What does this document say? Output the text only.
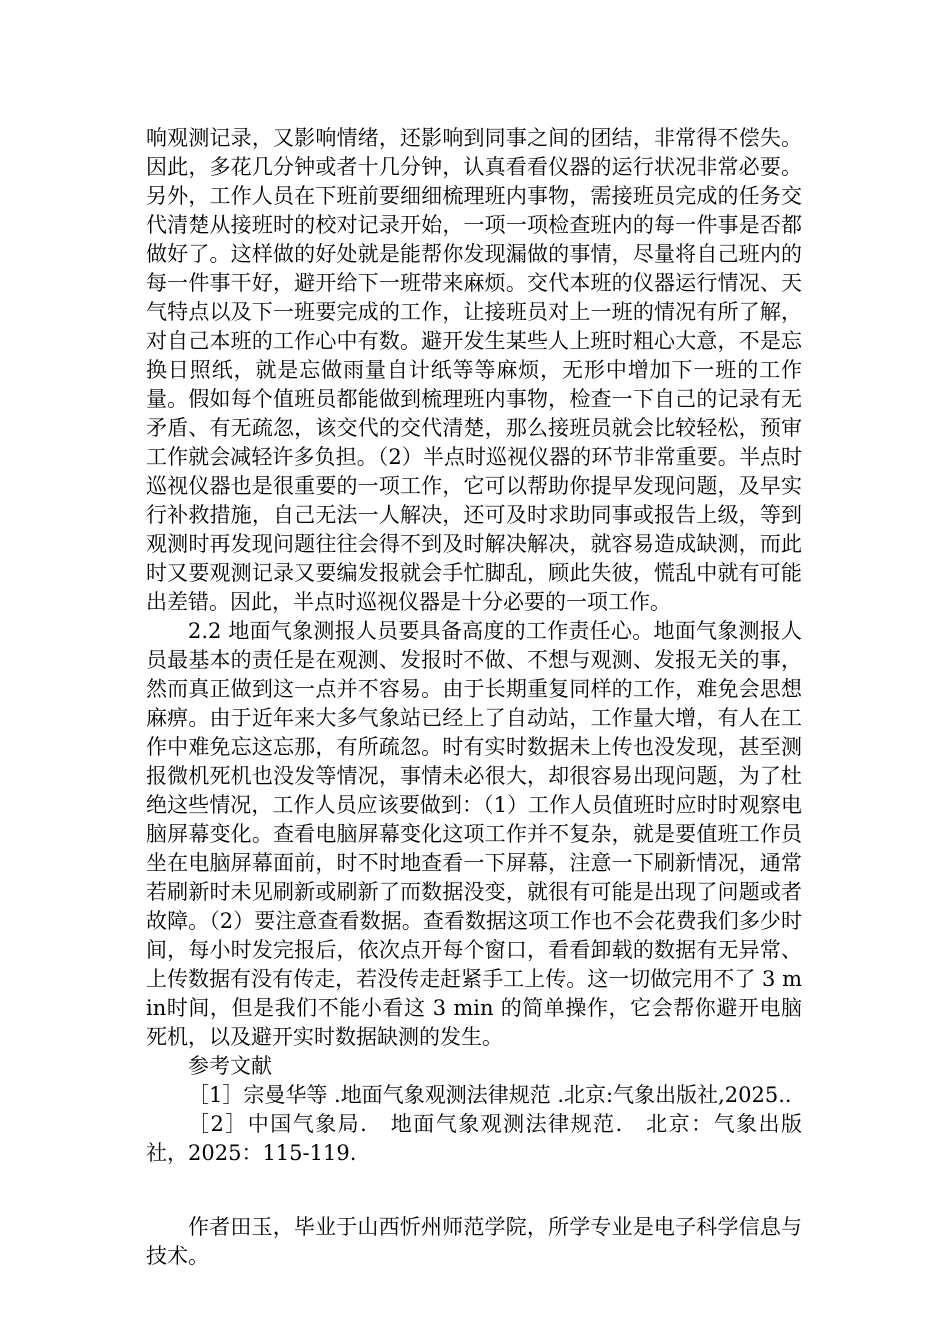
响观测记录，又影响情绪，还影响到同事之间的团结，非常得不偿失。因此，多花几分钟或者十几分钟，认真看看仪器的运行状况非常必要。另外，工作人员在下班前要细细梳理班内事物，需接班员完成的任务交代清楚从接班时的校对记录开始，一项一项检查班内的每一件事是否都做好了。这样做的好处就是能帮你发现漏做的事情，尽量将自己班内的每一件事干好，避开给下一班带来麻烦。交代本班的仪器运行情况、天气特点以及下一班要完成的工作，让接班员对上一班的情况有所了解，对自己本班的工作心中有数。避开发生某些人上班时粗心大意，不是忘换日照纸，就是忘做雨量自计纸等等麻烦，无形中增加下一班的工作量。假如每个值班员都能做到梳理班内事物，检查一下自己的记录有无矛盾、有无疏忽，该交代的交代清楚，那么接班员就会比较轻松，预审工作就会减轻许多负担。（2）半点时巡视仪器的环节非常重要。半点时巡视仪器也是很重要的一项工作，它可以帮助你提早发现问题，及早实行补救措施，自己无法一人解决，还可及时求助同事或报告上级，等到观测时再发现问题往往会得不到及时解决解决，就容易造成缺测，而此时又要观测记录又要编发报就会手忙脚乱，顾此失彼，慌乱中就有可能出差错。因此，半点时巡视仪器是十分必要的一项工作。

2.2 地面气象测报人员要具备高度的工作责任心。地面气象测报人员最基本的责任是在观测、发报时不做、不想与观测、发报无关的事，然而真正做到这一点并不容易。由于长期重复同样的工作，难免会思想麻痹。由于近年来大多气象站已经上了自动站，工作量大增，有人在工作中难免忘这忘那，有所疏忽。时有实时数据未上传也没发现，甚至测报微机死机也没发等情况，事情未必很大，却很容易出现问题，为了杜绝这些情况，工作人员应该要做到：（1）工作人员值班时应时时观察电脑屏幕变化。查看电脑屏幕变化这项工作并不复杂，就是要值班工作员坐在电脑屏幕面前，时不时地查看一下屏幕，注意一下刷新情况，通常若刷新时未见刷新或刷新了而数据没变，就很有可能是出现了问题或者故障。（2）要注意查看数据。查看数据这项工作也不会花费我们多少时间，每小时发完报后，依次点开每个窗口，看看卸载的数据有无异常、上传数据有没有传走，若没传走赶紧手工上传。这一切做完用不了 3 min时间，但是我们不能小看这 3 min 的简单操作，它会帮你避开电脑死机，以及避开实时数据缺测的发生。

参考文献

［1］宗曼华等 .地面气象观测法律规范 .北京:气象出版社,2025..

［2］中国气象局.　地面气象观测法律规范.　北京：气象出版社，2025：115-119.

作者田玉，毕业于山西忻州师范学院，所学专业是电子科学信息与技术。
